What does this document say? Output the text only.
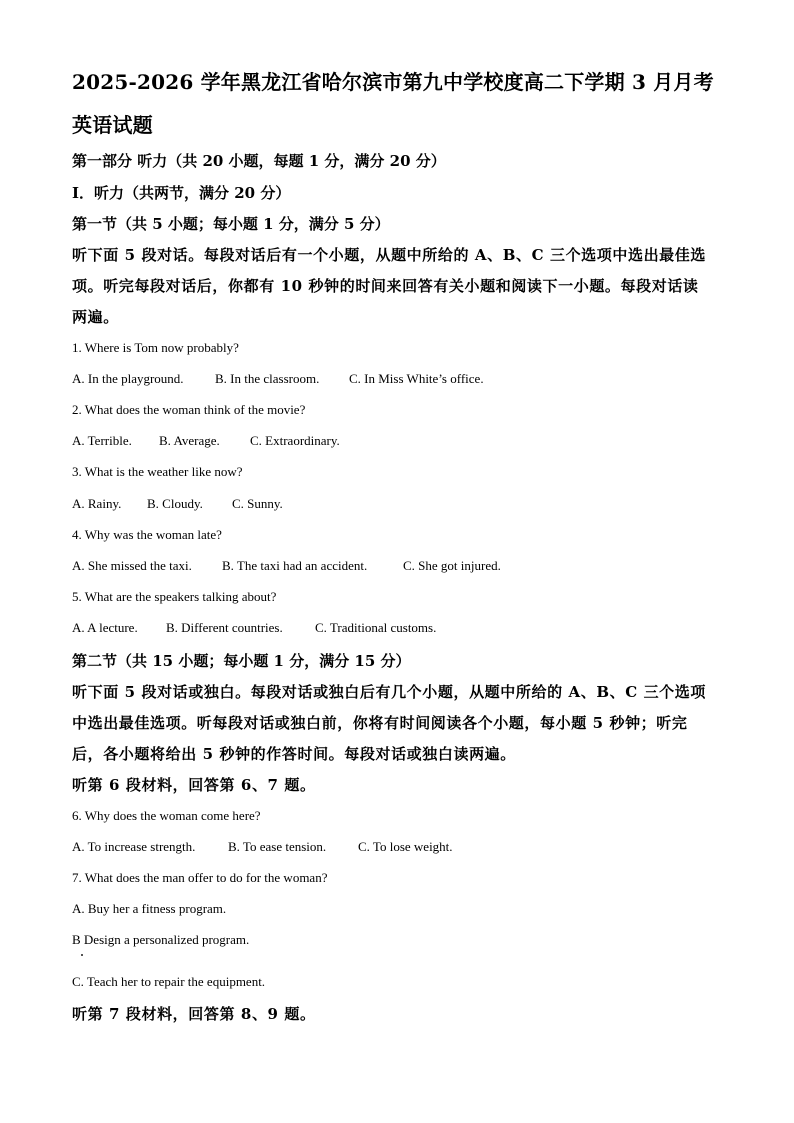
2025-2026 学年黑龙江省哈尔滨市第九中学校度高二下学期 3 月月考
英语试题
第一部分 听力（共 20 小题，每题 1 分，满分 20 分）
Ⅰ．听力（共两节，满分 20 分）
第一节（共 5 小题；每小题 1 分，满分 5 分）
听下面 5 段对话。每段对话后有一个小题，从题中所给的 A、B、C 三个选项中选出最佳选
项。听完每段对话后，你都有 10 秒钟的时间来回答有关小题和阅读下一小题。每段对话读
两遍。
1. Where is Tom now probably?
A. In the playground. B. In the classroom. C. In Miss White’s office.
2. What does the woman think of the movie?
A. Terrible. B. Average. C. Extraordinary.
3. What is the weather like now?
A. Rainy. B. Cloudy. C. Sunny.
4. Why was the woman late?
A. She missed the taxi. B. The taxi had an accident.	C. She got injured.
5. What are the speakers talking about?
A. A lecture. B. Different countries. C. Traditional customs.
第二节（共 15 小题；每小题 1 分，满分 15 分）
听下面 5 段对话或独白。每段对话或独白后有几个小题，从题中所给的 A、B、C 三个选项
中选出最佳选项。听每段对话或独白前，你将有时间阅读各个小题，每小题 5 秒钟；听完
后，各小题将给出 5 秒钟的作答时间。每段对话或独白读两遍。
听第 6 段材料，回答第 6、7 题。
6. Why does the woman come here?
A. To increase strength.	B. To ease tension. C. To lose weight.
7. What does the man offer to do for the woman?
A. Buy her a fitness program.
B Design a personalized program.
C. Teach her to repair the equipment.
听第 7 段材料，回答第 8、9 题。
